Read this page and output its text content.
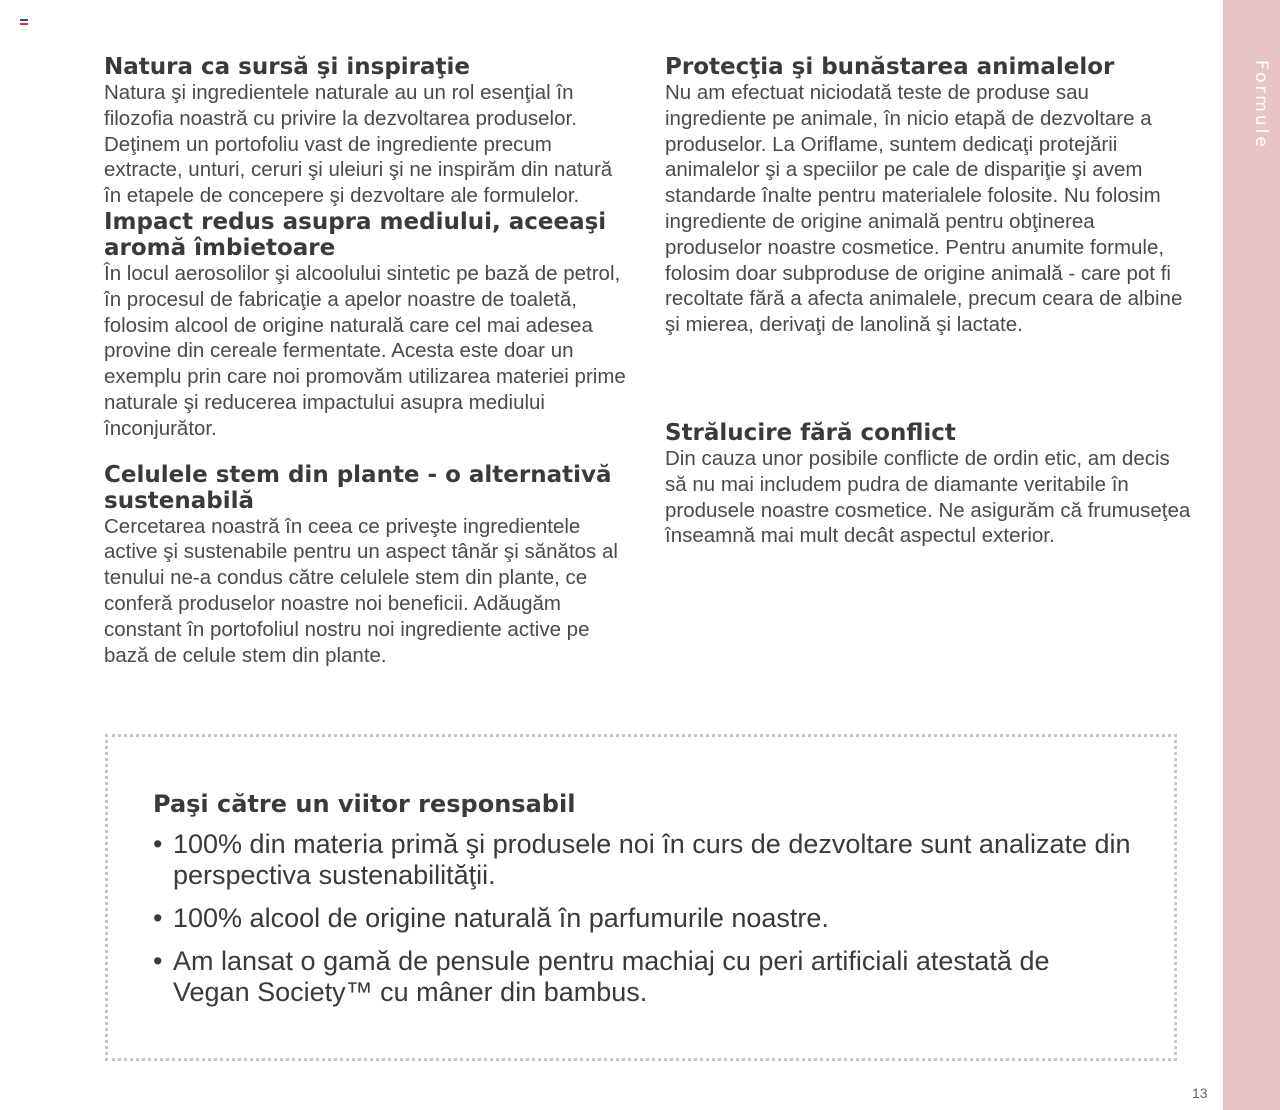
Formule
Natura ca sursă şi inspiraţie

Natura şi ingredientele naturale au un rol esenţial în filozofia noastră cu privire la dezvoltarea produselor. Deţinem un portofoliu vast de ingrediente precum extracte, unturi, ceruri şi uleiuri şi ne inspirăm din natură în etapele de concepere şi dezvoltare ale formulelor.

Impact redus asupra mediului, aceeaşi aromă îmbietoare

În locul aerosolilor şi alcoolului sintetic pe bază de petrol, în procesul de fabricaţie a apelor noastre de toaletă, folosim alcool de origine naturală care cel mai adesea provine din cereale fermentate. Acesta este doar un exemplu prin care noi promovăm utilizarea materiei prime naturale şi reducerea impactului asupra mediului înconjurător.

Celulele stem din plante - o alternativă sustenabilă

Cercetarea noastră în ceea ce priveşte ingredientele active şi sustenabile pentru un aspect tânăr şi sănătos al tenului ne-a condus către celulele stem din plante, ce conferă produselor noastre noi beneficii. Adăugăm constant în portofoliul nostru noi ingrediente active pe bază de celule stem din plante.

Protecţia şi bunăstarea animalelor

Nu am efectuat niciodată teste de produse sau ingrediente pe animale, în nicio etapă de dezvoltare a produselor. La Oriflame, suntem dedicaţi protejării animalelor şi a speciilor pe cale de dispariţie şi avem standarde înalte pentru materialele folosite. Nu folosim ingrediente de origine animală pentru obţinerea produselor noastre cosmetice. Pentru anumite formule, folosim doar subproduse de origine animală - care pot fi recoltate fără a afecta animalele, precum ceara de albine şi mierea, derivaţi de lanolină şi lactate.

Strălucire fără conflict

Din cauza unor posibile conflicte de ordin etic, am decis să nu mai includem pudra de diamante veritabile în produsele noastre cosmetice. Ne asigurăm că frumuseţea înseamnă mai mult decât aspectul exterior.

Paşi către un viitor responsabil
• 100% din materia primă şi produsele noi în curs de dezvoltare sunt analizate din perspectiva sustenabilităţii.
• 100% alcool de origine naturală în parfumurile noastre.
• Am lansat o gamă de pensule pentru machiaj cu peri artificiali atestată de Vegan Society™ cu mâner din bambus.
13
